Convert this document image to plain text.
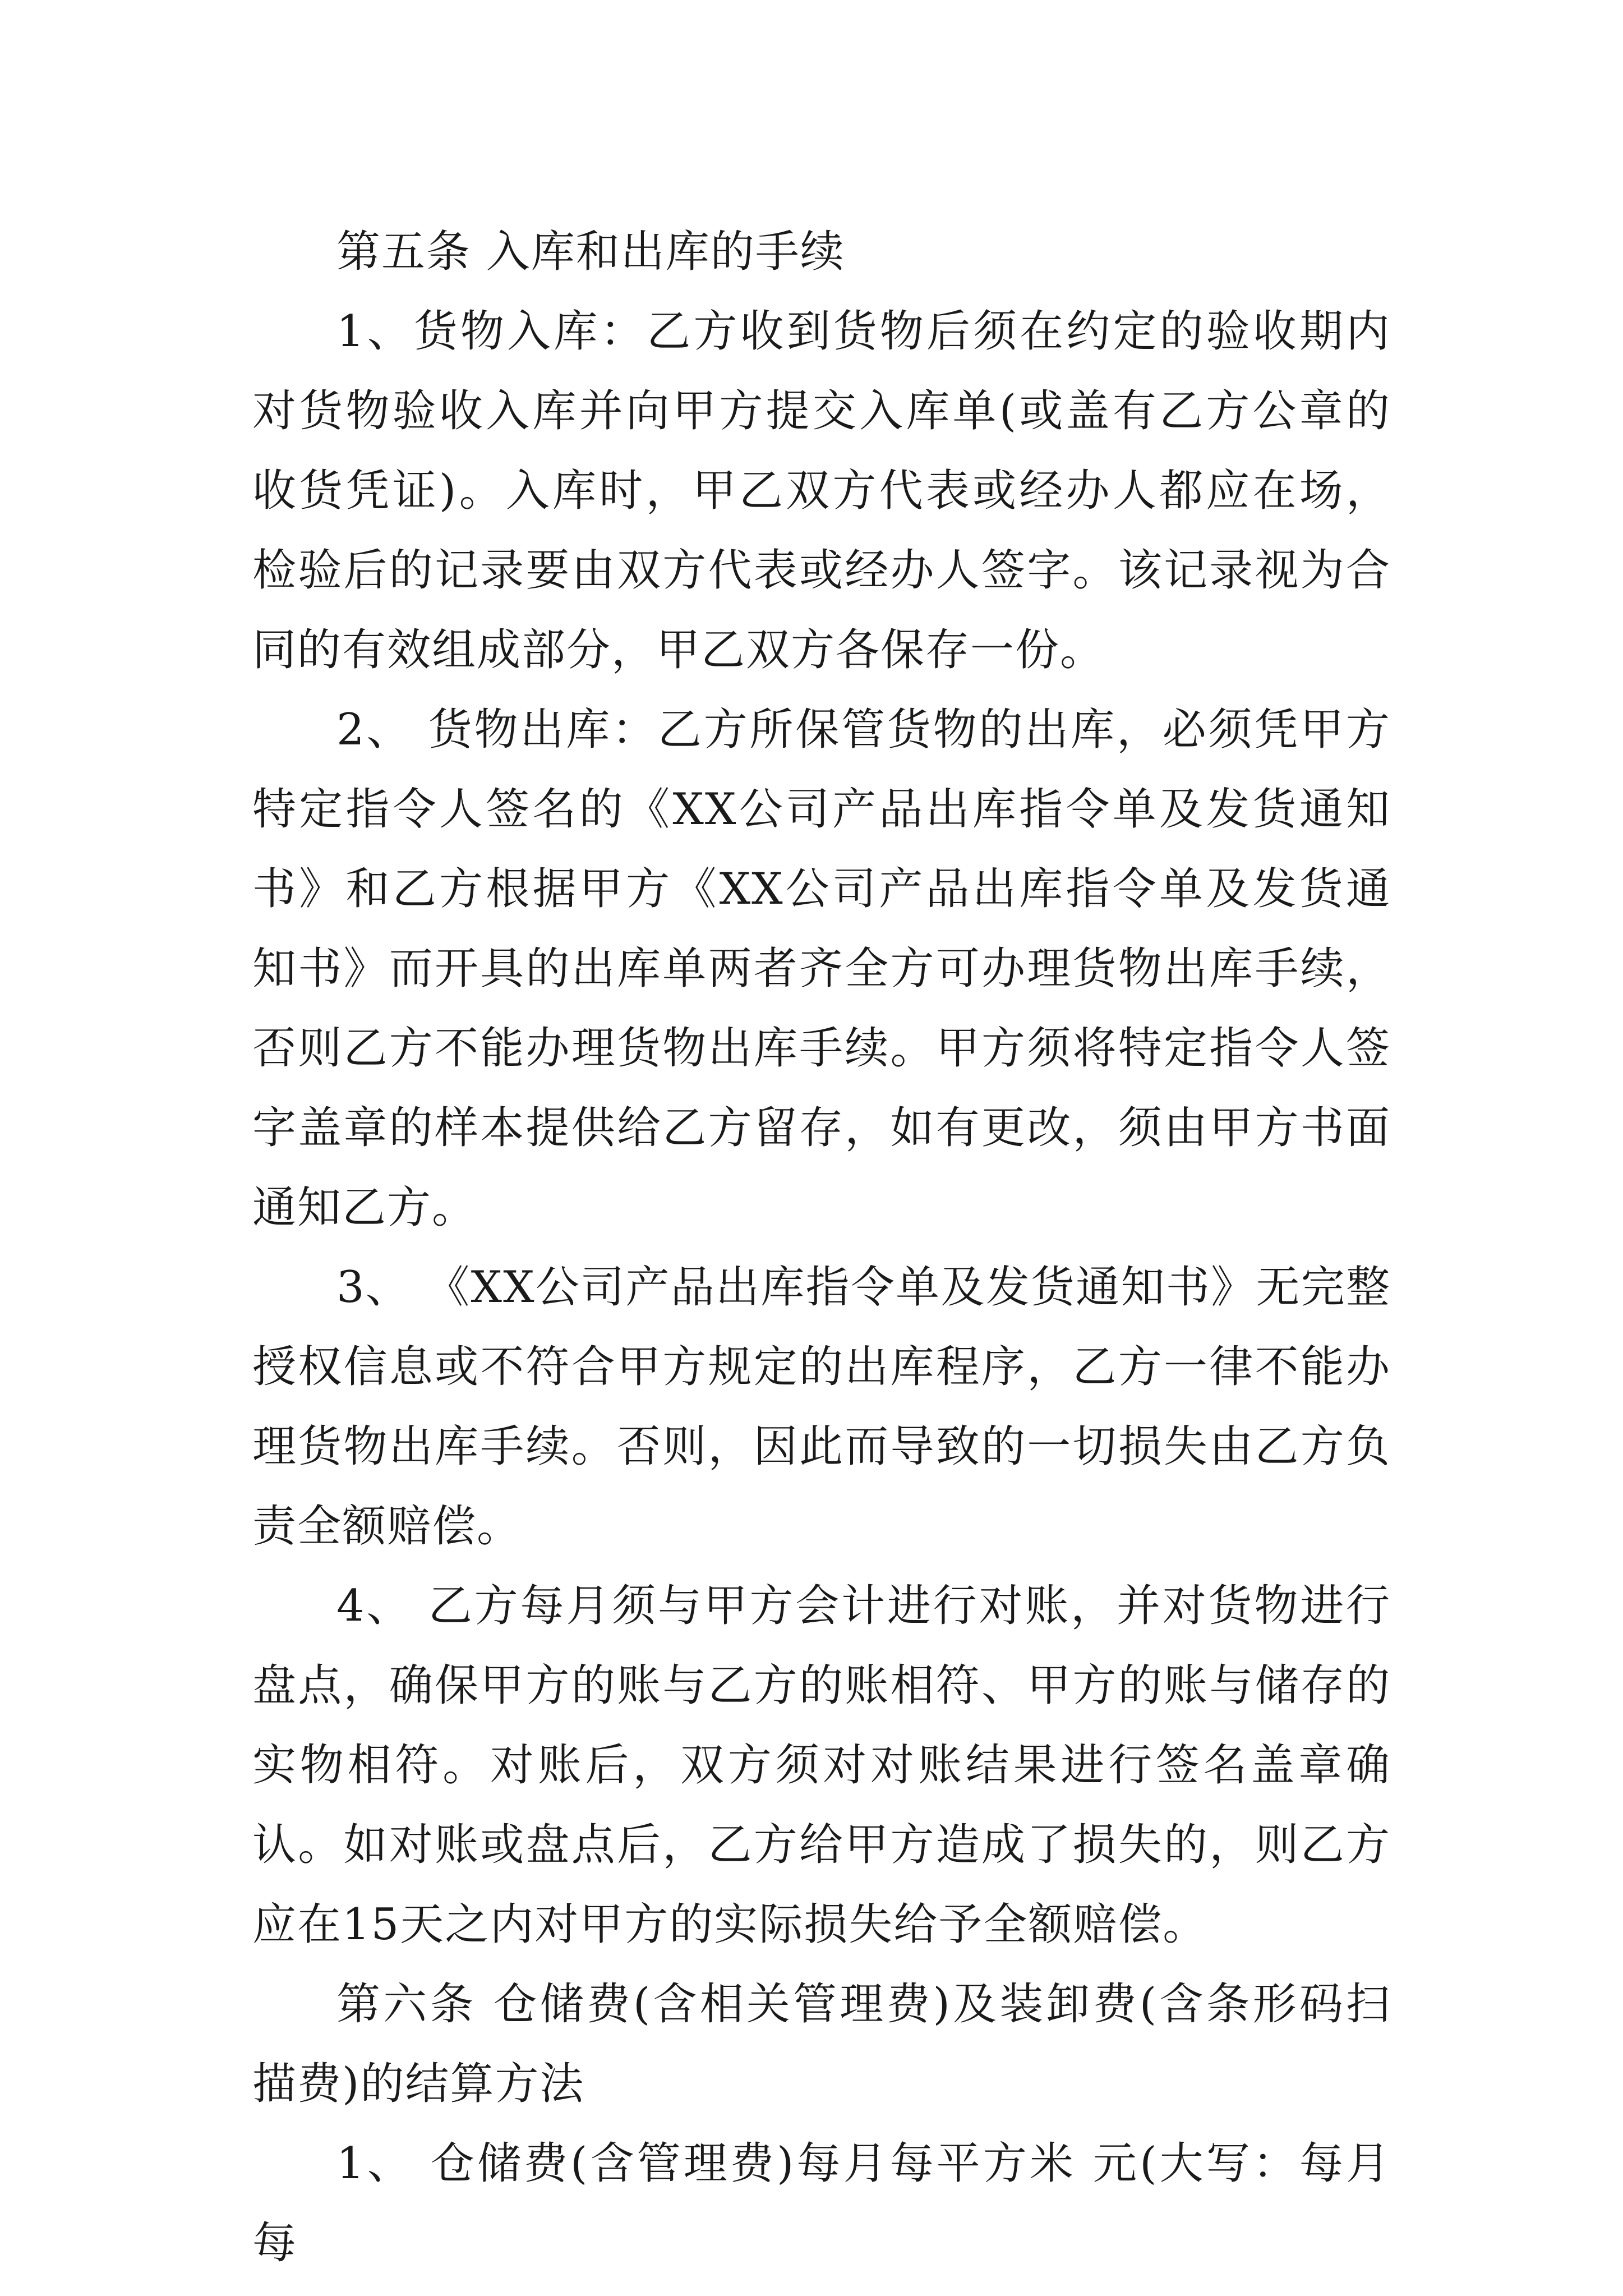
第五条 入库和出库的手续

1、货物入库：乙方收到货物后须在约定的验收期内对货物验收入库并向甲方提交入库单(或盖有乙方公章的收货凭证)。入库时，甲乙双方代表或经办人都应在场，检验后的记录要由双方代表或经办人签字。该记录视为合同的有效组成部分，甲乙双方各保存一份。

2、 货物出库：乙方所保管货物的出库，必须凭甲方特定指令人签名的《XX公司产品出库指令单及发货通知书》和乙方根据甲方《XX公司产品出库指令单及发货通知书》而开具的出库单两者齐全方可办理货物出库手续，否则乙方不能办理货物出库手续。甲方须将特定指令人签字盖章的样本提供给乙方留存，如有更改，须由甲方书面通知乙方。

3、 《XX公司产品出库指令单及发货通知书》无完整授权信息或不符合甲方规定的出库程序，乙方一律不能办理货物出库手续。否则，因此而导致的一切损失由乙方负责全额赔偿。

4、 乙方每月须与甲方会计进行对账，并对货物进行盘点，确保甲方的账与乙方的账相符、甲方的账与储存的实物相符。对账后，双方须对对账结果进行签名盖章确认。如对账或盘点后，乙方给甲方造成了损失的，则乙方应在15天之内对甲方的实际损失给予全额赔偿。

第六条 仓储费(含相关管理费)及装卸费(含条形码扫描费)的结算方法

1、 仓储费(含管理费)每月每平方米 元(大写：每月每
